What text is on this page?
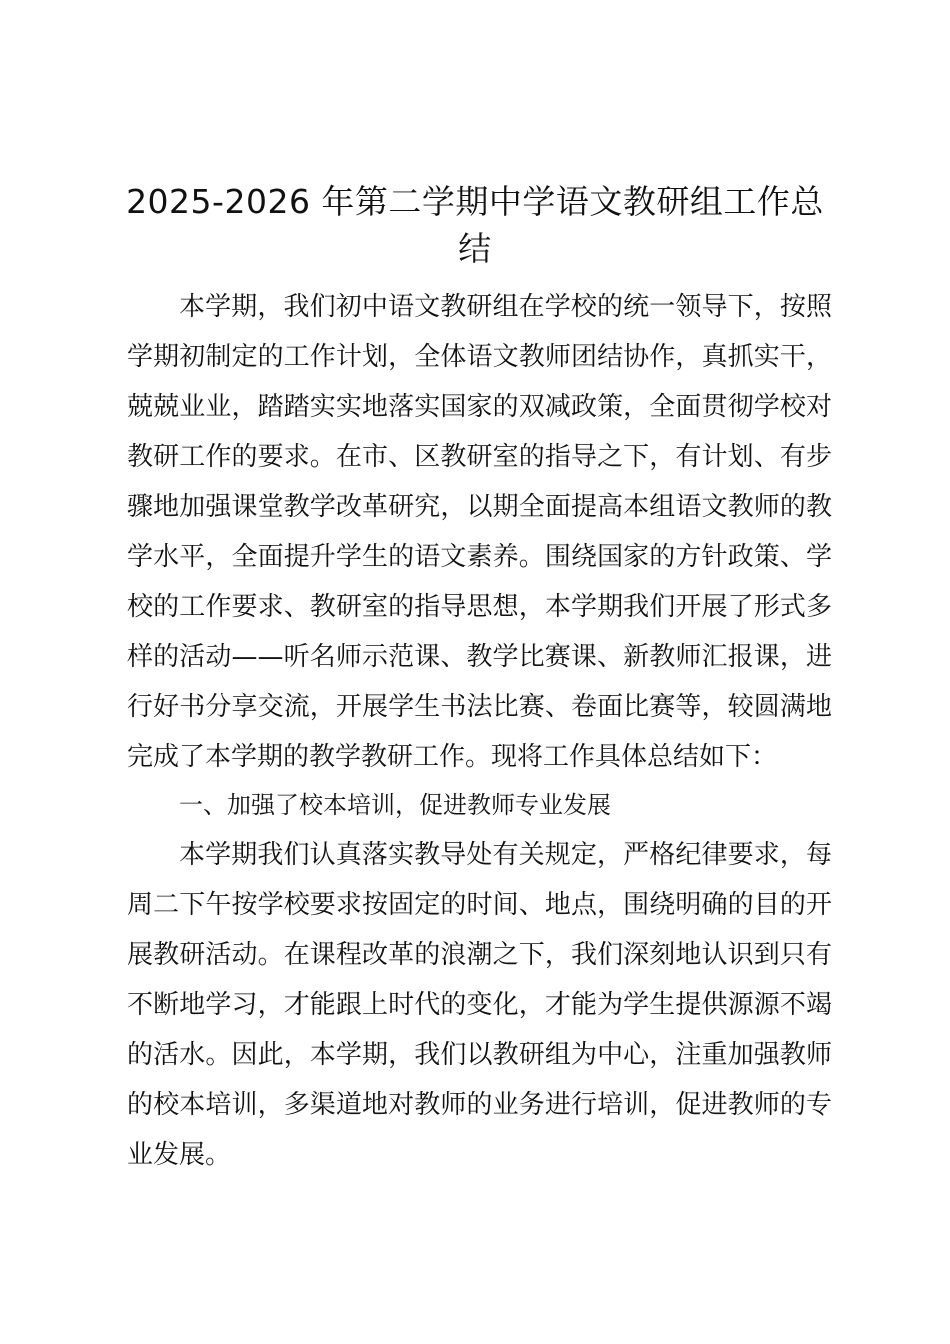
2025-2026 年第二学期中学语文教研组工作总结

本学期，我们初中语文教研组在学校的统一领导下，按照学期初制定的工作计划，全体语文教师团结协作，真抓实干，兢兢业业，踏踏实实地落实国家的双减政策，全面贯彻学校对教研工作的要求。在市、区教研室的指导之下，有计划、有步骤地加强课堂教学改革研究，以期全面提高本组语文教师的教学水平，全面提升学生的语文素养。围绕国家的方针政策、学校的工作要求、教研室的指导思想，本学期我们开展了形式多样的活动——听名师示范课、教学比赛课、新教师汇报课，进行好书分享交流，开展学生书法比赛、卷面比赛等，较圆满地完成了本学期的教学教研工作。现将工作具体总结如下：

一、加强了校本培训，促进教师专业发展

本学期我们认真落实教导处有关规定，严格纪律要求，每周二下午按学校要求按固定的时间、地点，围绕明确的目的开展教研活动。在课程改革的浪潮之下，我们深刻地认识到只有不断地学习，才能跟上时代的变化，才能为学生提供源源不竭的活水。因此，本学期，我们以教研组为中心，注重加强教师的校本培训，多渠道地对教师的业务进行培训，促进教师的专业发展。
